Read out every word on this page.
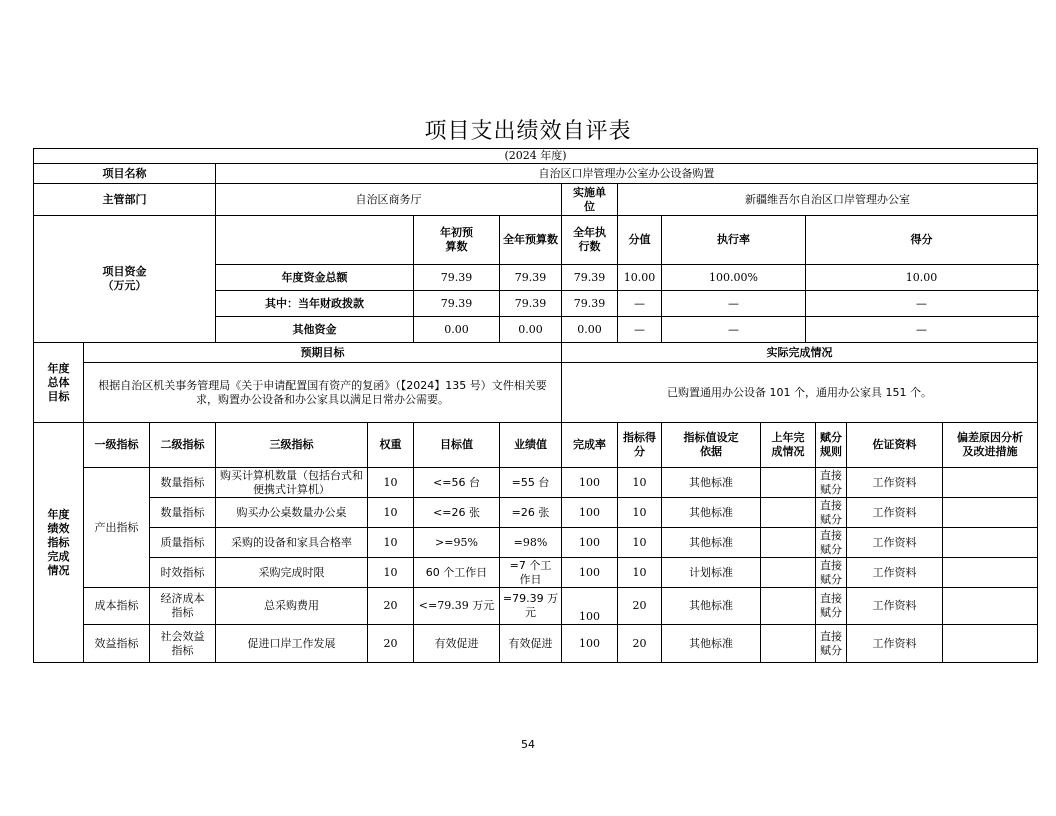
项目支出绩效自评表
(2024 年度)														
项目名称			自治区口岸管理办公室办公设备购置											
主管部门			自治区商务厅				实施单位	新疆维吾尔自治区口岸管理办公室						

项目资金
（万元）					年初预算数	全年预算数	全年执行数	分值	执行率		得分			
			年度资金总额		79.39	79.39	79.39	10.00	100.00%		10.00			
			其中：当年财政拨款		79.39	79.39	79.39	—	—		—			
			其他资金		0.00	0.00	0.00	—	—		—			
年度总体目标	预期目标						实际完成情况							
	根据自治区机关事务管理局《关于申请配置国有资产的复函》（【2024】135 号）文件相关要求，购置办公设备和办公家具以满足日常办公需要。						已购置通用办公设备 101 个，通用办公家具 151 个。							
年度绩效指标完成情况	一级指标	二级指标	三级指标	权重	目标值	业绩值	完成率	指标得分	指标值设定依据	上年完成情况		赋分规则	佐证资料	偏差原因分析及改进措施
	产出指标	数量指标	购买计算机数量（包括台式和便携式计算机）	10	<=56 台	=55 台	100	10	其他标准			直接赋分	工作资料	
		数量指标	购买办公桌数量办公桌	10	<=26 张	=26 张	100	10	其他标准			直接赋分	工作资料	
		质量指标	采购的设备和家具合格率	10	>=95%	=98%	100	10	其他标准			直接赋分	工作资料	
		时效指标	采购完成时限	10	60 个工作日	=7 个工作日	100	10	计划标准			直接赋分	工作资料	
	成本指标	经济成本指标	总采购费用	20	<=79.39 万元	=79.39 万元	100	20	其他标准			直接赋分	工作资料	
	效益指标	社会效益指标	促进口岸工作发展	20	有效促进	有效促进	100	20	其他标准			直接赋分	工作资料	
54
